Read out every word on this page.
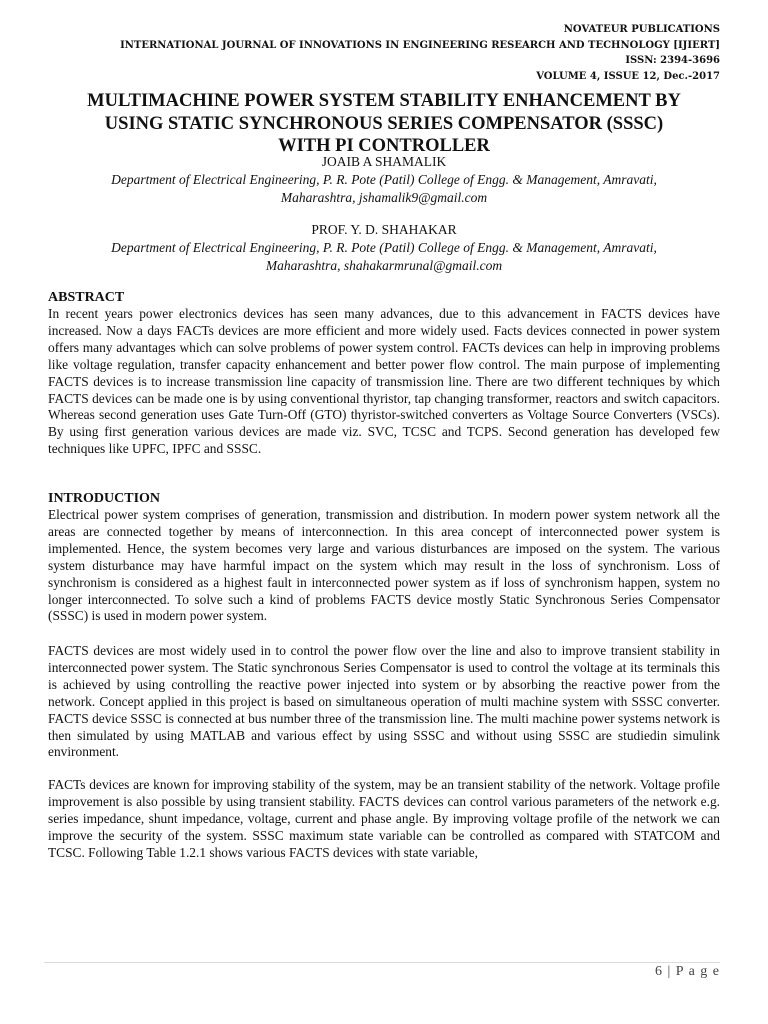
NOVATEUR PUBLICATIONS
INTERNATIONAL JOURNAL OF INNOVATIONS IN ENGINEERING RESEARCH AND TECHNOLOGY [IJIERT]
ISSN: 2394-3696
VOLUME 4, ISSUE 12, Dec.-2017
MULTIMACHINE POWER SYSTEM STABILITY ENHANCEMENT BY
USING STATIC SYNCHRONOUS SERIES COMPENSATOR (SSSC)
WITH PI CONTROLLER
JOAIB A SHAMALIK
Department of Electrical Engineering, P. R. Pote (Patil) College of Engg. & Management, Amravati,
Maharashtra, jshamalik9@gmail.com
PROF. Y. D. SHAHAKAR
Department of Electrical Engineering, P. R. Pote (Patil) College of Engg. & Management, Amravati,
Maharashtra, shahakarmrunal@gmail.com
ABSTRACT

In recent years power electronics devices has seen many advances, due to this advancement in FACTS devices have increased. Now a days FACTs devices are more efficient and more widely used. Facts devices connected in power system offers many advantages which can solve problems of power system control. FACTs devices can help in improving problems like voltage regulation, transfer capacity enhancement and better power flow control. The main purpose of implementing FACTS devices is to increase transmission line capacity of transmission line. There are two different techniques by which FACTS devices can be made one is by using conventional thyristor, tap changing transformer, reactors and switch capacitors. Whereas second generation uses Gate Turn-Off (GTO) thyristor-switched converters as Voltage Source Converters (VSCs). By using first generation various devices are made viz. SVC, TCSC and TCPS. Second generation has developed few techniques like UPFC, IPFC and SSSC.

INTRODUCTION

Electrical power system comprises of generation, transmission and distribution. In modern power system network all the areas are connected together by means of interconnection. In this area concept of interconnected power system is implemented. Hence, the system becomes very large and various disturbances are imposed on the system. The various system disturbance may have harmful impact on the system which may result in the loss of synchronism. Loss of synchronism is considered as a highest fault in interconnected power system as if loss of synchronism happen, system no longer interconnected. To solve such a kind of problems FACTS device mostly Static Synchronous Series Compensator (SSSC) is used in modern power system.

FACTS devices are most widely used in to control the power flow over the line and also to improve transient stability in interconnected power system. The Static synchronous Series Compensator is used to control the voltage at its terminals this is achieved by using controlling the reactive power injected into system or by absorbing the reactive power from the network. Concept applied in this project is based on simultaneous operation of multi machine system with SSSC converter. FACTS device SSSC is connected at bus number three of the transmission line. The multi machine power systems network is then simulated by using MATLAB and various effect by using SSSC and without using SSSC are studiedin simulink environment.

FACTs devices are known for improving stability of the system, may be an transient stability of the network. Voltage profile improvement is also possible by using transient stability. FACTS devices can control various parameters of the network e.g. series impedance, shunt impedance, voltage, current and phase angle. By improving voltage profile of the network we can improve the security of the system. SSSC maximum state variable can be controlled as compared with STATCOM and TCSC. Following Table 1.2.1 shows various FACTS devices with state variable,

6 | P a g e
